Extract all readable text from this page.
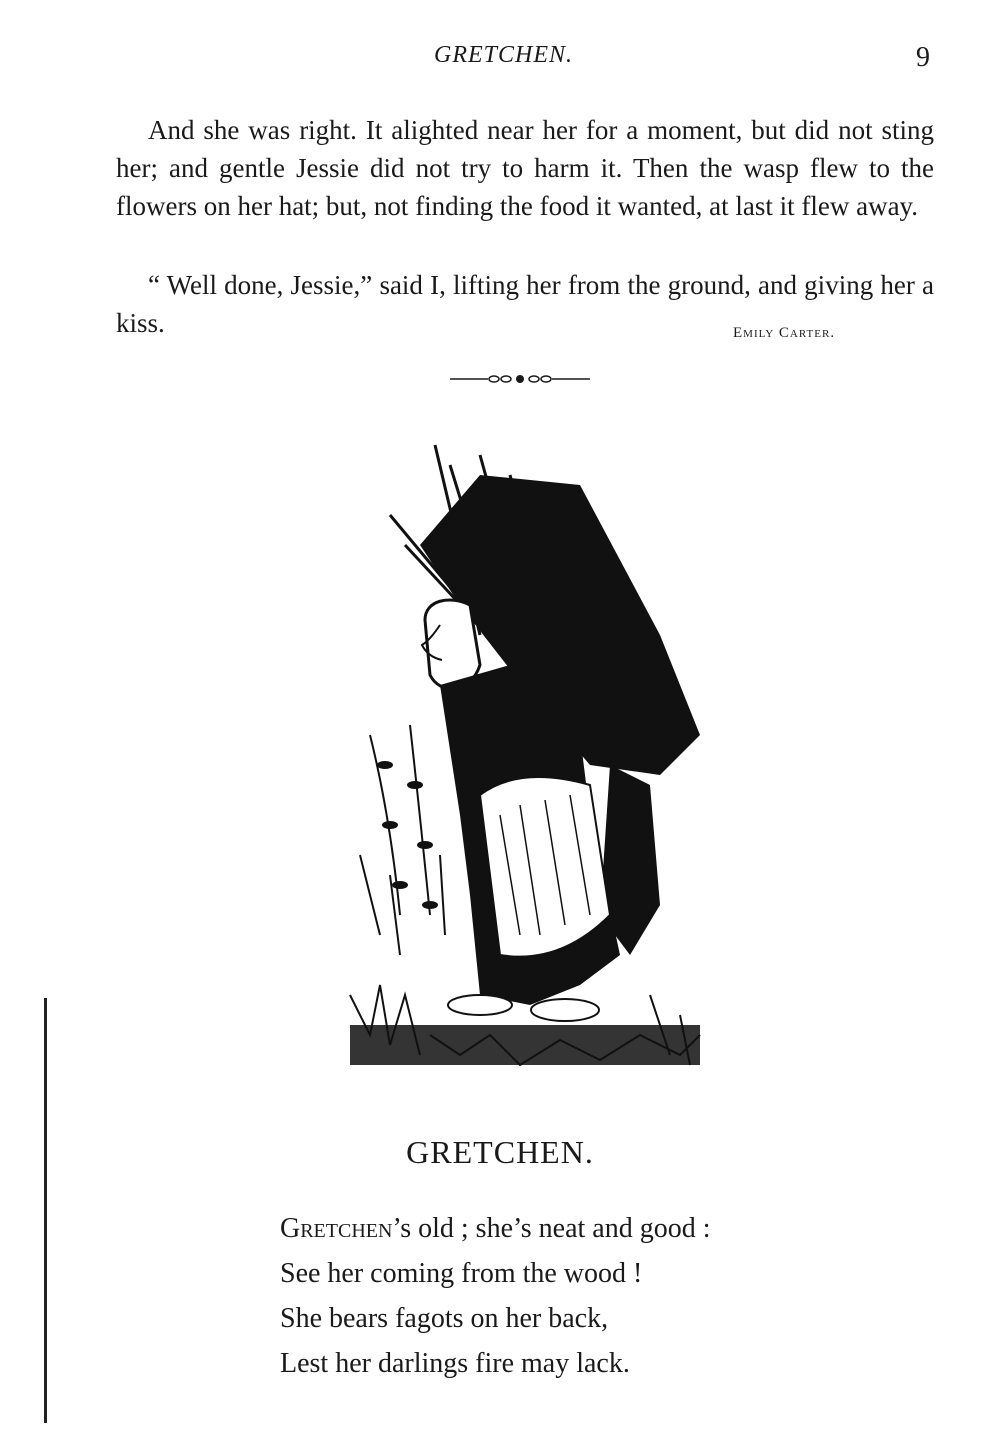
GRETCHEN.	9

And she was right. It alighted near her for a moment, but did not sting her; and gentle Jessie did not try to harm it. Then the wasp flew to the flowers on her hat; but, not finding the food it wanted, at last it flew away.

“ Well done, Jessie,” said I, lifting her from the ground, and giving her a kiss.	Emily Carter.
GRETCHEN.
Gretchen’s old ; she’s neat and good :
See her coming from the wood !
She bears fagots on her back,
Lest her darlings fire may lack.
